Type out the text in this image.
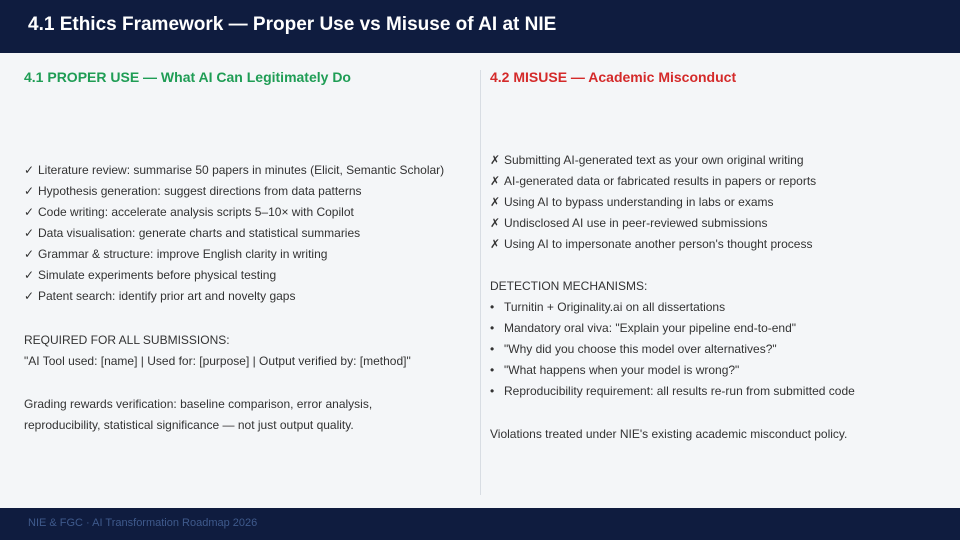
4.1 Ethics Framework — Proper Use vs Misuse of AI at NIE
4.1 PROPER USE — What AI Can Legitimately Do
✓ Literature review: summarise 50 papers in minutes (Elicit, Semantic Scholar)
✓ Hypothesis generation: suggest directions from data patterns
✓ Code writing: accelerate analysis scripts 5–10× with Copilot
✓ Data visualisation: generate charts and statistical summaries
✓ Grammar & structure: improve English clarity in writing
✓ Simulate experiments before physical testing
✓ Patent search: identify prior art and novelty gaps
REQUIRED FOR ALL SUBMISSIONS:
"AI Tool used: [name] | Used for: [purpose] | Output verified by: [method]"
Grading rewards verification: baseline comparison, error analysis,
reproducibility, statistical significance — not just output quality.
4.2 MISUSE — Academic Misconduct
✗ Submitting AI-generated text as your own original writing
✗ AI-generated data or fabricated results in papers or reports
✗ Using AI to bypass understanding in labs or exams
✗ Undisclosed AI use in peer-reviewed submissions
✗ Using AI to impersonate another person's thought process
DETECTION MECHANISMS:
• Turnitin + Originality.ai on all dissertations
• Mandatory oral viva: "Explain your pipeline end-to-end"
• "Why did you choose this model over alternatives?"
• "What happens when your model is wrong?"
• Reproducibility requirement: all results re-run from submitted code
Violations treated under NIE's existing academic misconduct policy.
NIE & FGC · AI Transformation Roadmap 2026
